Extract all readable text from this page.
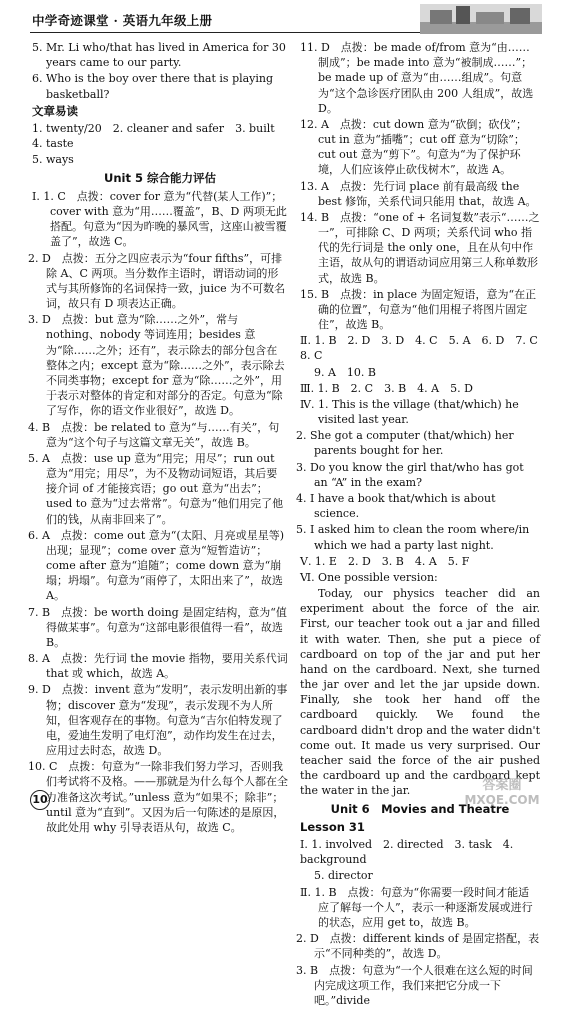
中学奇迹课堂 · 英语九年级上册

5. Mr. Li who/that has lived in America for 30 years came to our party.

6. Who is the boy over there that is playing basketball?

文章易读

1. twenty/20　2. cleaner and safer　3. built　4. taste

5. ways

Unit 5 综合能力评估

Ⅰ. 1. C　点拨：cover for 意为“代替(某人工作)”；cover with 意为“用……覆盖”，B、D 两项无此搭配。句意为“因为昨晚的暴风雪，这座山被雪覆盖了”，故选 C。

2. D　点拨：五分之四应表示为“four fifths”，可排除 A、C 两项。当分数作主语时，谓语动词的形式与其所修饰的名词保持一致，juice 为不可数名词，故只有 D 项表达正确。

3. D　点拨：but 意为“除……之外”，常与 nothing、nobody 等词连用；besides 意为“除……之外；还有”，表示除去的部分包含在整体之内；except 意为“除……之外”，表示除去不同类事物；except for 意为“除……之外”，用于表示对整体的肯定和对部分的否定。句意为“除了写作，你的语文作业很好”，故选 D。

4. B　点拨：be related to 意为“与……有关”，句意为“这个句子与这篇文章无关”，故选 B。

5. A　点拨：use up 意为“用完；用尽”；run out 意为“用完；用尽”，为不及物动词短语，其后要接介词 of 才能接宾语；go out 意为“出去”；used to 意为“过去常常”。句意为“他们用完了他们的钱，从南非回来了”。

6. A　点拨：come out 意为“(太阳、月亮或星星等)出现；显现”；come over 意为“短暂造访”；come after 意为“追随”；come down 意为“崩塌；坍塌”。句意为“雨停了，太阳出来了”，故选 A。

7. B　点拨：be worth doing 是固定结构，意为“值得做某事”。句意为“这部电影很值得一看”，故选 B。

8. A　点拨：先行词 the movie 指物，要用关系代词 that 或 which，故选 A。

9. D　点拨：invent 意为“发明”，表示发明出新的事物；discover 意为“发现”，表示发现不为人所知，但客观存在的事物。句意为“吉尔伯特发现了电，爱迪生发明了电灯泡”，动作均发生在过去，应用过去时态，故选 D。

10. C　点拨：句意为“一除非我们努力学习，否则我们考试将不及格。——那就是为什么每个人都在全力准备这次考试。”unless 意为“如果不；除非”；until 意为“直到”。又因为后一句陈述的是原因，故此处用 why 引导表语从句，故选 C。

11. D　点拨：be made of/from 意为“由……制成”；be made into 意为“被制成……”；be made up of 意为“由……组成”。句意为“这个急诊医疗团队由 200 人组成”，故选 D。

12. A　点拨：cut down 意为“砍倒；砍伐”；cut in 意为“插嘴”；cut off 意为“切除”；cut out 意为“剪下”。句意为“为了保护环境，人们应该停止砍伐树木”，故选 A。

13. A　点拨：先行词 place 前有最高级 the best 修饰，关系代词只能用 that，故选 A。

14. B　点拨：“one of + 名词复数”表示“……之一”，可排除 C、D 两项；关系代词 who 指代的先行词是 the only one，且在从句中作主语，故从句的谓语动词应用第三人称单数形式，故选 B。

15. B　点拨：in place 为固定短语，意为“在正确的位置”，句意为“他们用棍子将图片固定住”，故选 B。

Ⅱ. 1. B　2. D　3. D　4. C　5. A　6. D　7. C　8. C

9. A　10. B

Ⅲ. 1. B　2. C　3. B　4. A　5. D

Ⅳ. 1. This is the village (that/which) he visited last year.

2. She got a computer (that/which) her parents bought for her.

3. Do you know the girl that/who has got an “A” in the exam?

4. I have a book that/which is about science.

5. I asked him to clean the room where/in which we had a party last night.

Ⅴ. 1. E　2. D　3. B　4. A　5. F

Ⅵ. One possible version:

Today, our physics teacher did an experiment about the force of the air. First, our teacher took out a jar and filled it with water. Then, she put a piece of cardboard on top of the jar and put her hand on the cardboard. Next, she turned the jar over and let the jar upside down. Finally, she took her hand off the cardboard quickly. We found the cardboard didn't drop and the water didn't come out. It made us very surprised. Our teacher said the force of the air pushed the cardboard up and the cardboard kept the water in the jar.

Unit 6　Movies and Theatre

Lesson 31

Ⅰ. 1. involved　2. directed　3. task　4. background

5. director

Ⅱ. 1. B　点拨：句意为“你需要一段时间才能适应了解每一个人”，表示一种逐渐发展或进行的状态，应用 get to，故选 B。

2. D　点拨：different kinds of 是固定搭配，表示“不同种类的”，故选 D。

3. B　点拨：句意为“一个人很难在这么短的时间内完成这项工作，我们来把它分成一下吧。”divide

10
答案圈
MXQE.COM
